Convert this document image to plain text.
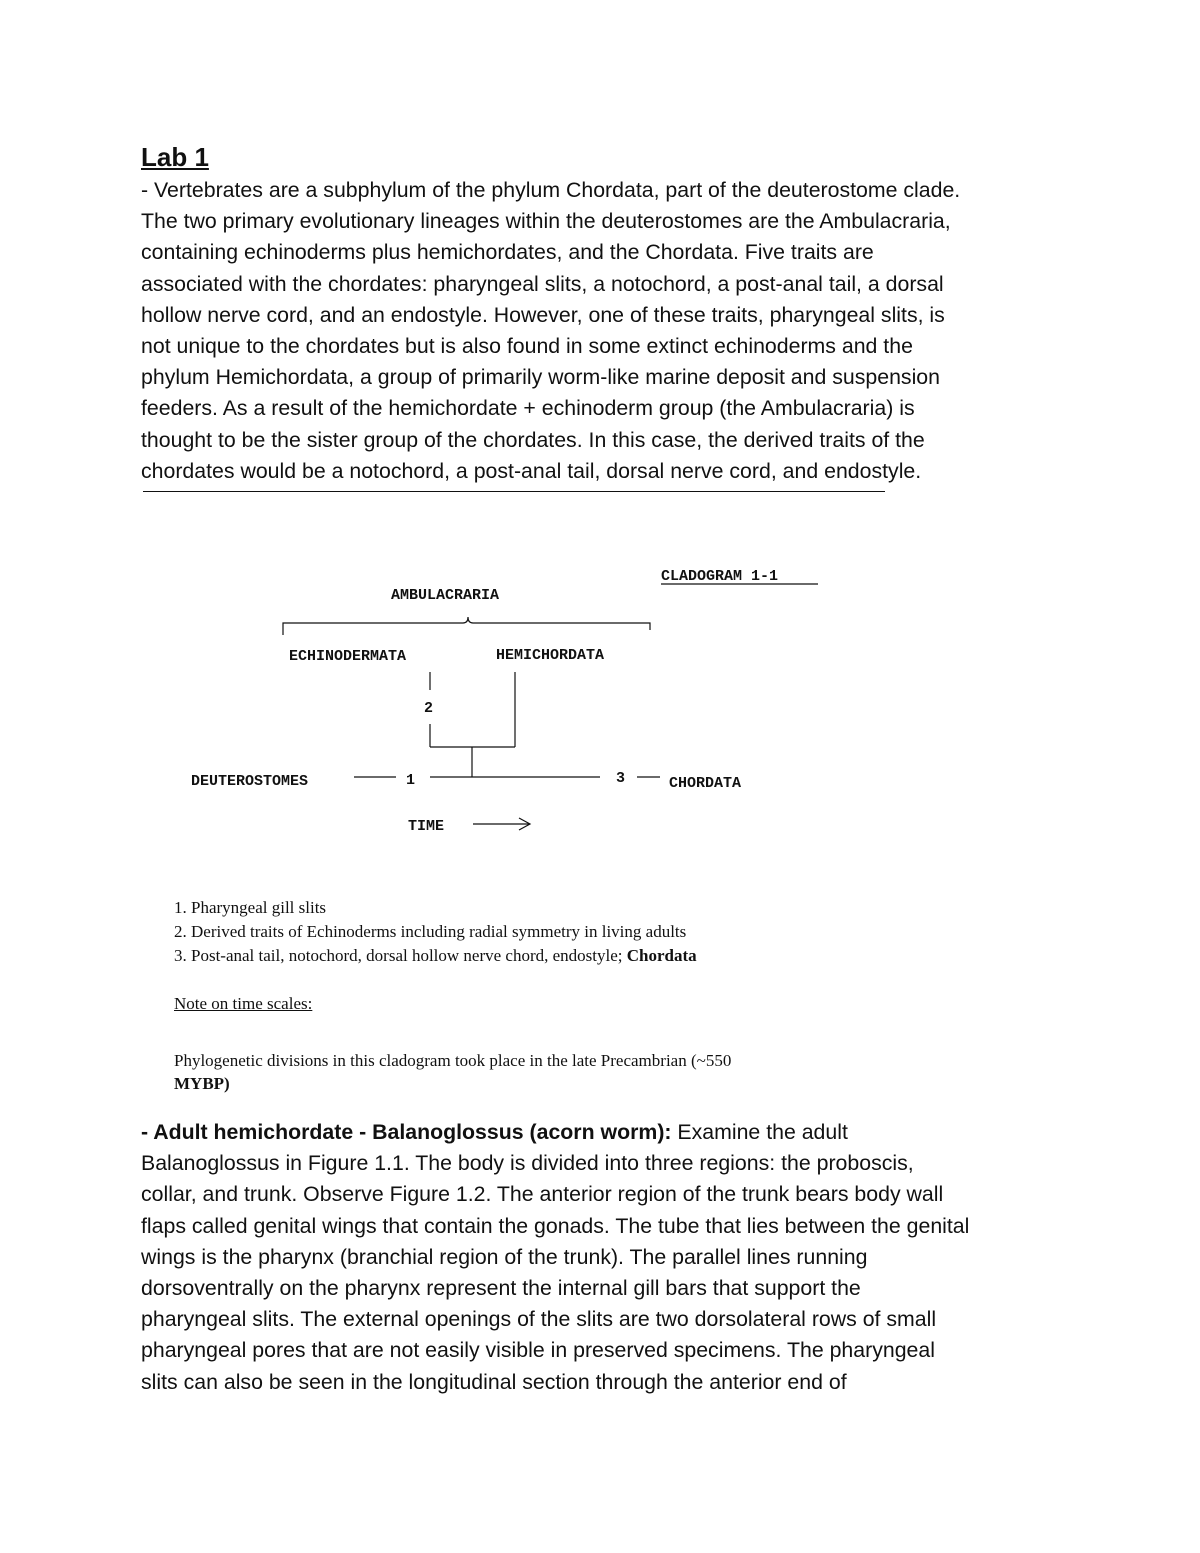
Lab 1

- Vertebrates are a subphylum of the phylum Chordata, part of the deuterostome clade.
The two primary evolutionary lineages within the deuterostomes are the Ambulacraria,
containing echinoderms plus hemichordates, and the Chordata. Five traits are
associated with the chordates: pharyngeal slits, a notochord, a post-anal tail, a dorsal
hollow nerve cord, and an endostyle. However, one of these traits, pharyngeal slits, is
not unique to the chordates but is also found in some extinct echinoderms and the
phylum Hemichordata, a group of primarily worm-like marine deposit and suspension
feeders. As a result of the hemichordate + echinoderm group (the Ambulacraria) is
thought to be the sister group of the chordates. In this case, the derived traits of the
chordates would be a notochord, a post-anal tail, dorsal nerve cord, and endostyle.

CLADOGRAM 1-1
AMBULACRARIA
ECHINODERMATA	HEMICHORDATA
2
DEUTEROSTOMES	1	3	CHORDATA
TIME
1. Pharyngeal gill slits
2. Derived traits of Echinoderms including radial symmetry in living adults
3. Post-anal tail, notochord, dorsal hollow nerve chord, endostyle; Chordata

Note on time scales:

Phylogenetic divisions in this cladogram took place in the late Precambrian (~550
MYBP)

- Adult hemichordate - Balanoglossus (acorn worm): Examine the adult
Balanoglossus in Figure 1.1. The body is divided into three regions: the proboscis,
collar, and trunk. Observe Figure 1.2. The anterior region of the trunk bears body wall
flaps called genital wings that contain the gonads. The tube that lies between the genital
wings is the pharynx (branchial region of the trunk). The parallel lines running
dorsoventrally on the pharynx represent the internal gill bars that support the
pharyngeal slits. The external openings of the slits are two dorsolateral rows of small
pharyngeal pores that are not easily visible in preserved specimens. The pharyngeal
slits can also be seen in the longitudinal section through the anterior end of
